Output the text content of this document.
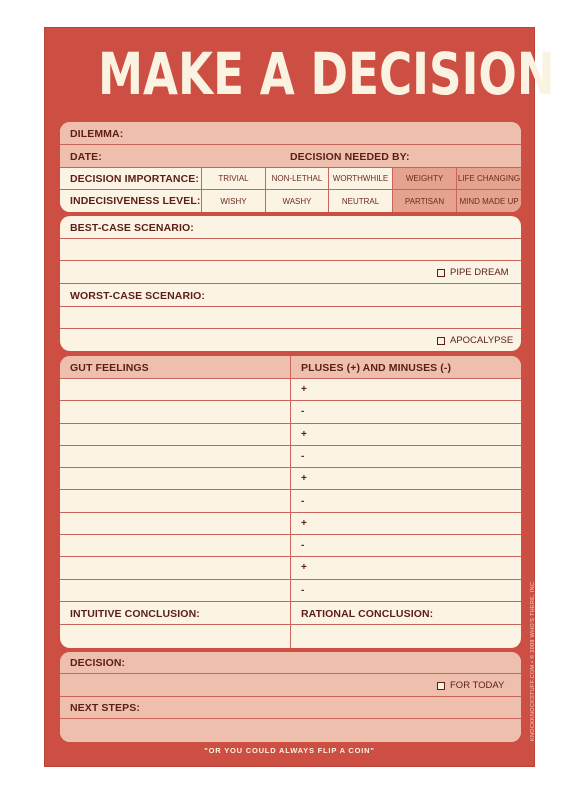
MAKE A DECISION
DILEMMA:
DATE:	DECISION NEEDED BY:
DECISION IMPORTANCE:	TRIVIAL	NON-LETHAL	WORTHWHILE	WEIGHTY	LIFE CHANGING
INDECISIVENESS LEVEL:	WISHY	WASHY	NEUTRAL	PARTISAN	MIND MADE UP
BEST-CASE SCENARIO:
PIPE DREAM
WORST-CASE SCENARIO:
APOCALYPSE
GUT FEELINGS	PLUSES (+) AND MINUSES (-)
+
-
+
-
+
-
+
-
+
-
INTUITIVE CONCLUSION:	RATIONAL CONCLUSION:
DECISION:
FOR TODAY
NEXT STEPS:
"OR YOU COULD ALWAYS FLIP A COIN"
KNOCKKNOCKSTUFF.COM • © 2009 WHO'S THERE, INC.
